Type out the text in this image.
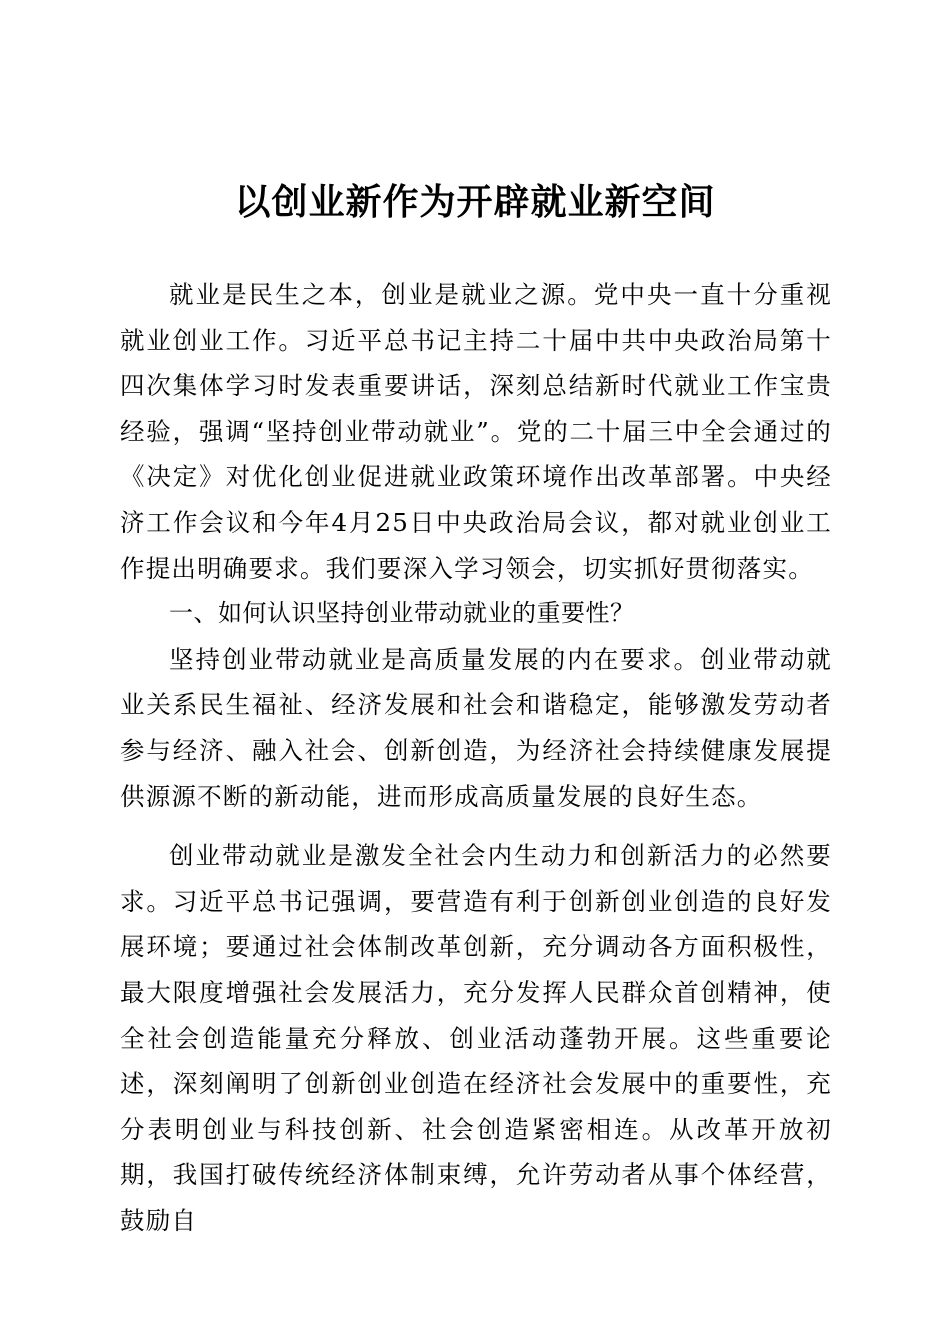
以创业新作为开辟就业新空间

就业是民生之本，创业是就业之源。党中央一直十分重视就业创业工作。习近平总书记主持二十届中共中央政治局第十四次集体学习时发表重要讲话，深刻总结新时代就业工作宝贵经验，强调“坚持创业带动就业”。党的二十届三中全会通过的《决定》对优化创业促进就业政策环境作出改革部署。中央经济工作会议和今年4月25日中央政治局会议，都对就业创业工作提出明确要求。我们要深入学习领会，切实抓好贯彻落实。

一、如何认识坚持创业带动就业的重要性？

坚持创业带动就业是高质量发展的内在要求。创业带动就业关系民生福祉、经济发展和社会和谐稳定，能够激发劳动者参与经济、融入社会、创新创造，为经济社会持续健康发展提供源源不断的新动能，进而形成高质量发展的良好生态。

创业带动就业是激发全社会内生动力和创新活力的必然要求。习近平总书记强调，要营造有利于创新创业创造的良好发展环境；要通过社会体制改革创新，充分调动各方面积极性，最大限度增强社会发展活力，充分发挥人民群众首创精神，使全社会创造能量充分释放、创业活动蓬勃开展。这些重要论述，深刻阐明了创新创业创造在经济社会发展中的重要性，充分表明创业与科技创新、社会创造紧密相连。从改革开放初期，我国打破传统经济体制束缚，允许劳动者从事个体经营，鼓励自
